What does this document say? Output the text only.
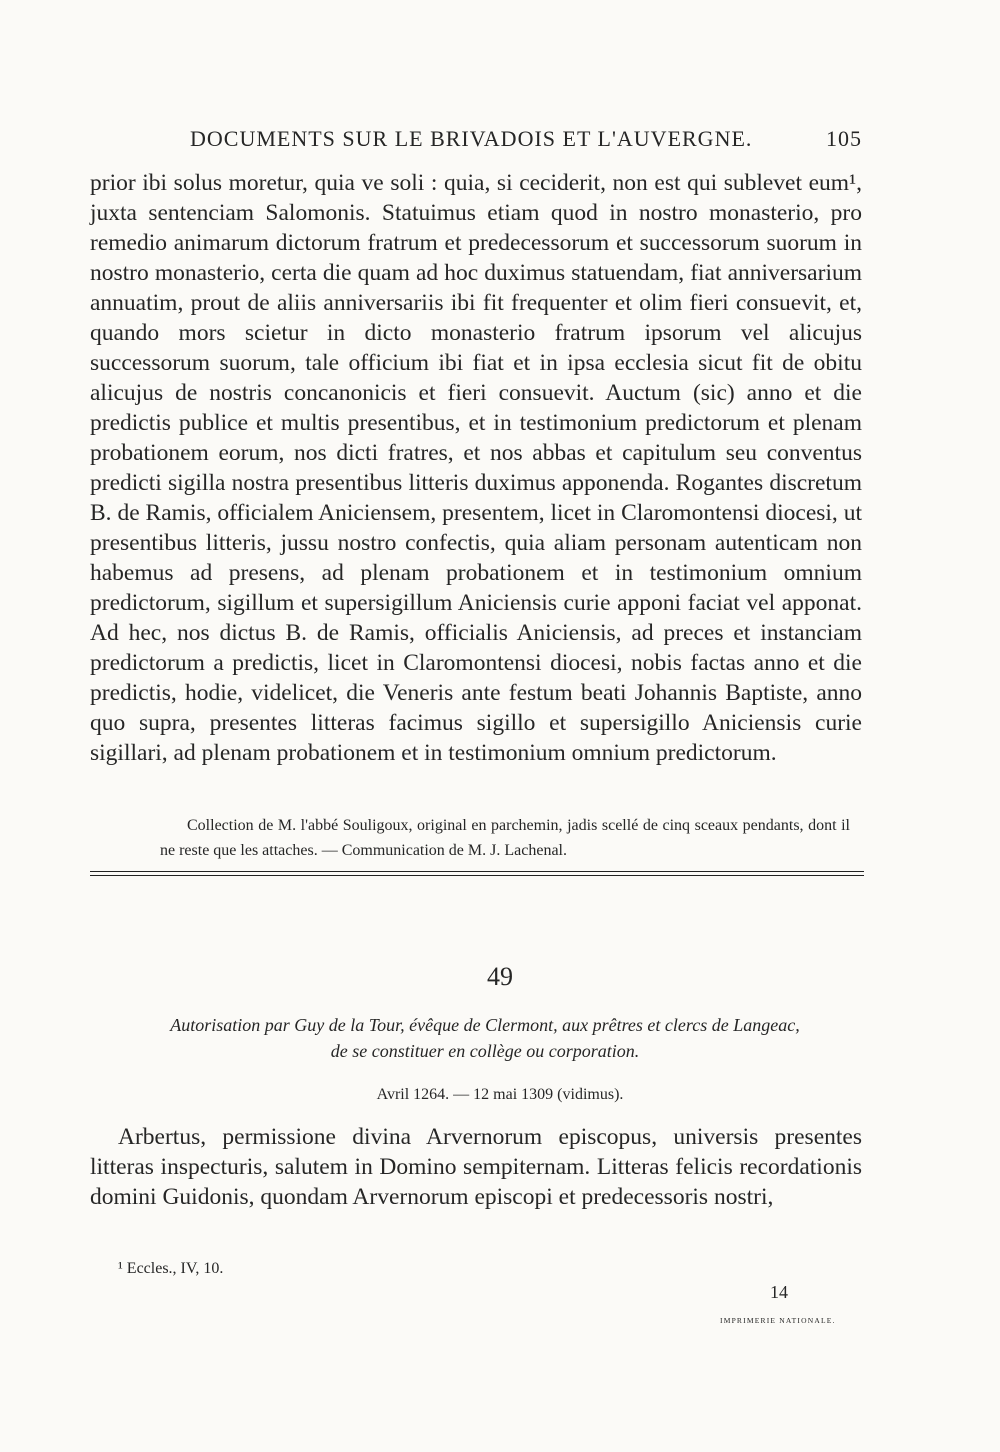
DOCUMENTS SUR LE BRIVADOIS ET L'AUVERGNE.	105

prior ibi solus moretur, quia ve soli : quia, si ceciderit, non est qui sublevet eum¹, juxta sentenciam Salomonis. Statuimus etiam quod in nostro monasterio, pro remedio animarum dictorum fratrum et predecessorum et successorum suorum in nostro monasterio, certa die quam ad hoc duximus statuendam, fiat anniversarium annuatim, prout de aliis anniversariis ibi fit frequenter et olim fieri consuevit, et, quando mors scietur in dicto monasterio fratrum ipsorum vel alicujus successorum suorum, tale officium ibi fiat et in ipsa ecclesia sicut fit de obitu alicujus de nostris concanonicis et fieri consuevit. Auctum (sic) anno et die predictis publice et multis presentibus, et in testimonium predictorum et plenam probationem eorum, nos dicti fratres, et nos abbas et capitulum seu conventus predicti sigilla nostra presentibus litteris duximus apponenda. Rogantes discretum B. de Ramis, officialem Aniciensem, presentem, licet in Claromontensi diocesi, ut presentibus litteris, jussu nostro confectis, quia aliam personam autenticam non habemus ad presens, ad plenam probationem et in testimonium omnium predictorum, sigillum et supersigillum Aniciensis curie apponi faciat vel apponat. Ad hec, nos dictus B. de Ramis, officialis Aniciensis, ad preces et instanciam predictorum a predictis, licet in Claromontensi diocesi, nobis factas anno et die predictis, hodie, videlicet, die Veneris ante festum beati Johannis Baptiste, anno quo supra, presentes litteras facimus sigillo et supersigillo Aniciensis curie sigillari, ad plenam probationem et in testimonium omnium predictorum.

Collection de M. l'abbé Souligoux, original en parchemin, jadis scellé de cinq sceaux pendants, dont il ne reste que les attaches. — Communication de M. J. Lachenal.

49
Autorisation par Guy de la Tour, évêque de Clermont, aux prêtres et clercs de Langeac,
de se constituer en collège ou corporation.
Avril 1264. — 12 mai 1309 (vidimus).

Arbertus, permissione divina Arvernorum episcopus, universis presentes litteras inspecturis, salutem in Domino sempiternam. Litteras felicis recordationis domini Guidonis, quondam Arvernorum episcopi et predecessoris nostri,

¹ Eccles., IV, 10.
14
IMPRIMERIE NATIONALE.
